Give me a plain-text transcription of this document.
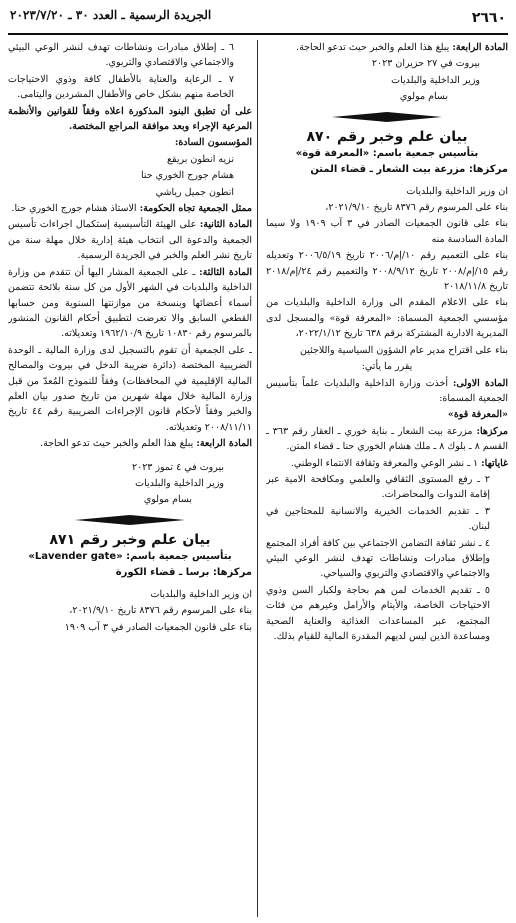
٢٦٦٠
الجريدة الرسمية ـ العدد ٣٠ ـ ٢٠٢٣/٧/٢٠

المادة الرابعة: يبلغ هذا العلم والخبر حيث تدعو الحاجة.

بيروت في ٢٧ حزيران ٢٠٢٣

وزير الداخلية والبلديات

بسام مولوي

بيان علم وخبر رقم ٨٧٠
بتأسيس جمعية باسم: «المعرفة قوة»
مركزها: مزرعة بيت الشعار ـ قضاء المتن

ان وزير الداخلية والبلديات

بناء على المرسوم رقم ٨٣٧٦ تاريخ ٢٠٢١/٩/١٠،

بناء على قانون الجمعيات الصادر في ٣ آب ١٩٠٩ ولا سيما المادة السادسة منه

بناء على التعميم رقم ١٠/إم/٢٠٠٦ تاريخ ٢٠٠٦/٥/١٩ وتعديله رقم ١٥/إم/٢٠٠٨ تاريخ ٢٠٠٨/٩/١٢ والتعميم رقم ٢٤/إم/٢٠١٨ تاريخ ٢٠١٨/١١/٨

بناء على الاعلام المقدم الى وزارة الداخلية والبلديات من مؤسسي الجمعية المسماة: «المعرفة قوة» والمسجل لدى المديرية الادارية المشتركة برقم ٦٣٨ تاريخ ٢٠٢٢/١/١٢،

بناء على اقتراح مدير عام الشؤون السياسية واللاجئين

يقرر ما يأتي:

المادة الاولى: أخذت وزارة الداخلية والبلديات علماً بتأسيس الجمعية المسماة:

«المعرفة قوة»

مركزها: مزرعة بيت الشعار ـ بناية خوري ـ العقار رقم ٣٦٣ ـ القسم ٨ ـ بلوك ٨ ـ ملك هشام الخوري حنا ـ قضاء المتن.

غاياتها: ١ ـ نشر الوعي والمعرفة وثقافة الانتماء الوطني.

٢ ـ رفع المستوى الثقافي والعلمي ومكافحة الامية عبر إقامة الندوات والمحاضرات.

٣ ـ تقديم الخدمات الخيرية والانسانية للمحتاجين في لبنان.

٤ ـ نشر ثقافة التضامن الاجتماعي بين كافة أفراد المجتمع وإطلاق مبادرات ونشاطات تهدف لنشر الوعي البيئي والاجتماعي والاقتصادي والتربوي والسياحي.

٥ ـ تقديم الخدمات لمن هم بحاجة ولكبار السن وذوي الاحتياجات الخاصة، والأيتام والأرامل وغيرهم من فئات المجتمع، عبر المساعدات الغذائية والعناية الصحية ومساعدة الذين ليس لديهم المقدرة المالية للقيام بذلك.

٦ ـ إطلاق مبادرات ونشاطات تهدف لنشر الوعي البيئي والاجتماعي والاقتصادي والتربوي.

٧ ـ الرعاية والعناية بالأطفال كافة وذوي الاحتياجات الخاصة منهم بشكل خاص والأطفال المشردين واليتامى.

على أن تطبق البنود المذكورة اعلاه وفقاً للقوانين والأنظمة المرعية الإجراء وبعد موافقة المراجع المختصة.

المؤسسون السادة:

نزيه انطون بريقع

هشام جورج الخوري حنا

انطون جميل رياشي

ممثل الجمعية تجاه الحكومة: الاستاذ هشام جورج الخوري حنا.

المادة الثانية: على الهيئة التأسيسية إستكمال اجراءات تأسيس الجمعية والدعوة الى انتخاب هيئة إدارية خلال مهلة سنة من تاريخ نشر العلم والخبر في الجريدة الرسمية.

المادة الثالثة: ـ على الجمعية المشار اليها أن تتقدم من وزارة الداخلية والبلديات في الشهر الأول من كل سنة بلائحة تتضمن أسماء أعضائها وبنسخة من موازنتها السنوية ومن حسابها القطعي السابق والا تعرضت لتطبيق أحكام القانون المنشور بالمرسوم رقم ١٠٨٣٠ تاريخ ١٩٦٢/١٠/٩ وتعديلاته.

ـ على الجمعية أن تقوم بالتسجيل لدى وزارة المالية ـ الوحدة الضريبية المختصة (دائرة ضريبة الدخل في بيروت والمصالح المالية الإقليمية في المحافظات) وفقاً للنموذج المُعدّ من قبل وزارة المالية خلال مهلة شهرين من تاريخ صدور بيان العلم والخبر وفقاً لأحكام قانون الإجراءات الضريبية رقم ٤٤ تاريخ ٢٠٠٨/١١/١١ وتعديلاته.

المادة الرابعة: يبلغ هذا العلم والخبر حيث تدعو الحاجة.

بيروت في ٤ تموز ٢٠٢٣

وزير الداخلية والبلديات

بسام مولوي

بيان علم وخبر رقم ٨٧١
بتأسيس جمعية باسم: «Lavender gate»
مركزها: برسا ـ قضاء الكورة

ان وزير الداخلية والبلديات

بناء على المرسوم رقم ٨٣٧٦ تاريخ ٢٠٢١/٩/١٠،

بناء على قانون الجمعيات الصادر في ٣ آب ١٩٠٩
